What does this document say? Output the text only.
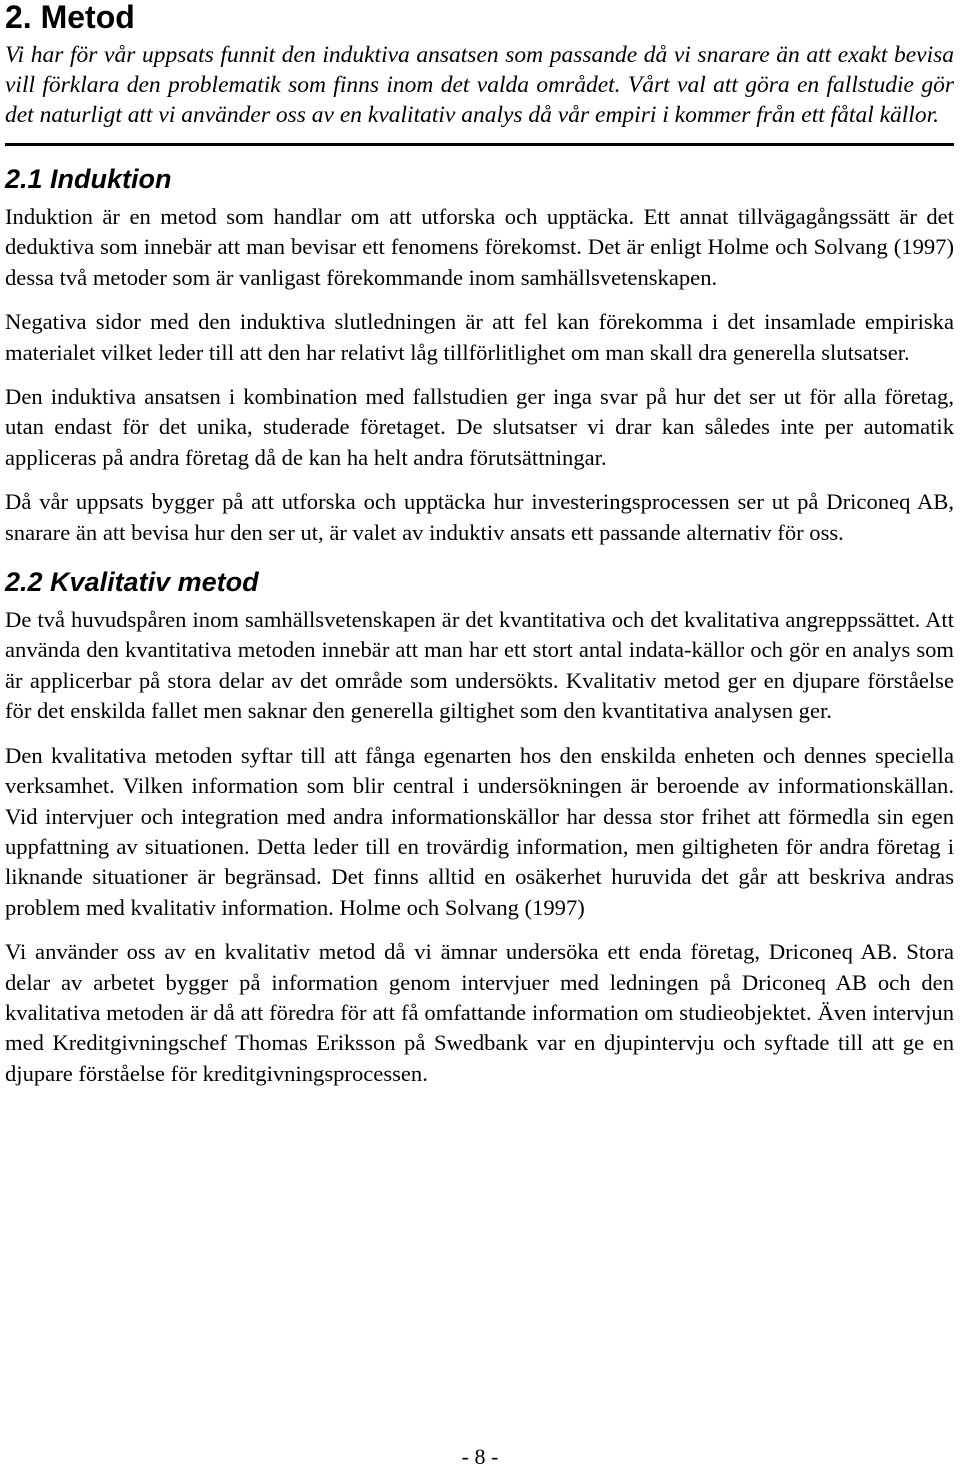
2. Metod

Vi har för vår uppsats funnit den induktiva ansatsen som passande då vi snarare än att exakt bevisa vill förklara den problematik som finns inom det valda området. Vårt val att göra en fallstudie gör det naturligt att vi använder oss av en kvalitativ analys då vår empiri i kommer från ett fåtal källor.

2.1 Induktion

Induktion är en metod som handlar om att utforska och upptäcka. Ett annat tillvägagångssätt är det deduktiva som innebär att man bevisar ett fenomens förekomst. Det är enligt Holme och Solvang (1997) dessa två metoder som är vanligast förekommande inom samhällsvetenskapen.

Negativa sidor med den induktiva slutledningen är att fel kan förekomma i det insamlade empiriska materialet vilket leder till att den har relativt låg tillförlitlighet om man skall dra generella slutsatser.

Den induktiva ansatsen i kombination med fallstudien ger inga svar på hur det ser ut för alla företag, utan endast för det unika, studerade företaget. De slutsatser vi drar kan således inte per automatik appliceras på andra företag då de kan ha helt andra förutsättningar.

Då vår uppsats bygger på att utforska och upptäcka hur investeringsprocessen ser ut på Driconeq AB, snarare än att bevisa hur den ser ut, är valet av induktiv ansats ett passande alternativ för oss.

2.2 Kvalitativ metod

De två huvudspåren inom samhällsvetenskapen är det kvantitativa och det kvalitativa angreppssättet. Att använda den kvantitativa metoden innebär att man har ett stort antal indata-källor och gör en analys som är applicerbar på stora delar av det område som undersökts. Kvalitativ metod ger en djupare förståelse för det enskilda fallet men saknar den generella giltighet som den kvantitativa analysen ger.

Den kvalitativa metoden syftar till att fånga egenarten hos den enskilda enheten och dennes speciella verksamhet. Vilken information som blir central i undersökningen är beroende av informationskällan. Vid intervjuer och integration med andra informationskällor har dessa stor frihet att förmedla sin egen uppfattning av situationen. Detta leder till en trovärdig information, men giltigheten för andra företag i liknande situationer är begränsad. Det finns alltid en osäkerhet huruvida det går att beskriva andras problem med kvalitativ information. Holme och Solvang (1997)

Vi använder oss av en kvalitativ metod då vi ämnar undersöka ett enda företag, Driconeq AB. Stora delar av arbetet bygger på information genom intervjuer med ledningen på Driconeq AB och den kvalitativa metoden är då att föredra för att få omfattande information om studieobjektet. Även intervjun med Kreditgivningschef Thomas Eriksson på Swedbank var en djupintervju och syftade till att ge en djupare förståelse för kreditgivningsprocessen.

- 8 -
